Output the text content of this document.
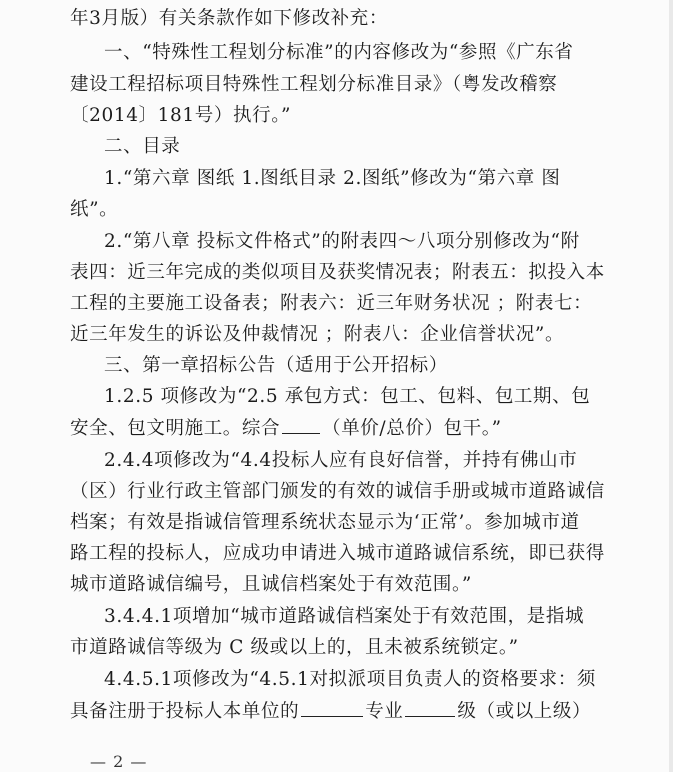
年3月版）有关条款作如下修改补充：
一、“特殊性工程划分标准”的内容修改为“参照《广东省
建设工程招标项目特殊性工程划分标准目录》（粤发改稽察
〔2014〕181号）执行。”
二、目录
1.“第六章 图纸 1.图纸目录 2.图纸”修改为“第六章 图
纸”。
2.“第八章 投标文件格式”的附表四～八项分别修改为“附
表四：近三年完成的类似项目及获奖情况表；附表五：拟投入本
工程的主要施工设备表；附表六：近三年财务状况 ；附表七：
近三年发生的诉讼及仲裁情况 ；附表八：企业信誉状况”。
三、第一章招标公告（适用于公开招标）
1.2.5 项修改为“2.5 承包方式：包工、包料、包工期、包
安全、包文明施工。综合 （单价/总价）包干。”
2.4.4项修改为“4.4投标人应有良好信誉，并持有佛山市
（区）行业行政主管部门颁发的有效的诚信手册或城市道路诚信
档案；有效是指诚信管理系统状态显示为‘正常’。参加城市道
路工程的投标人，应成功申请进入城市道路诚信系统，即已获得
城市道路诚信编号，且诚信档案处于有效范围。”
3.4.4.1项增加“城市道路诚信档案处于有效范围，是指城
市道路诚信等级为 C 级或以上的，且未被系统锁定。”
4.4.5.1项修改为“4.5.1对拟派项目负责人的资格要求：须
具备注册于投标人本单位的	专业	级（或以上级）
— 2 —
